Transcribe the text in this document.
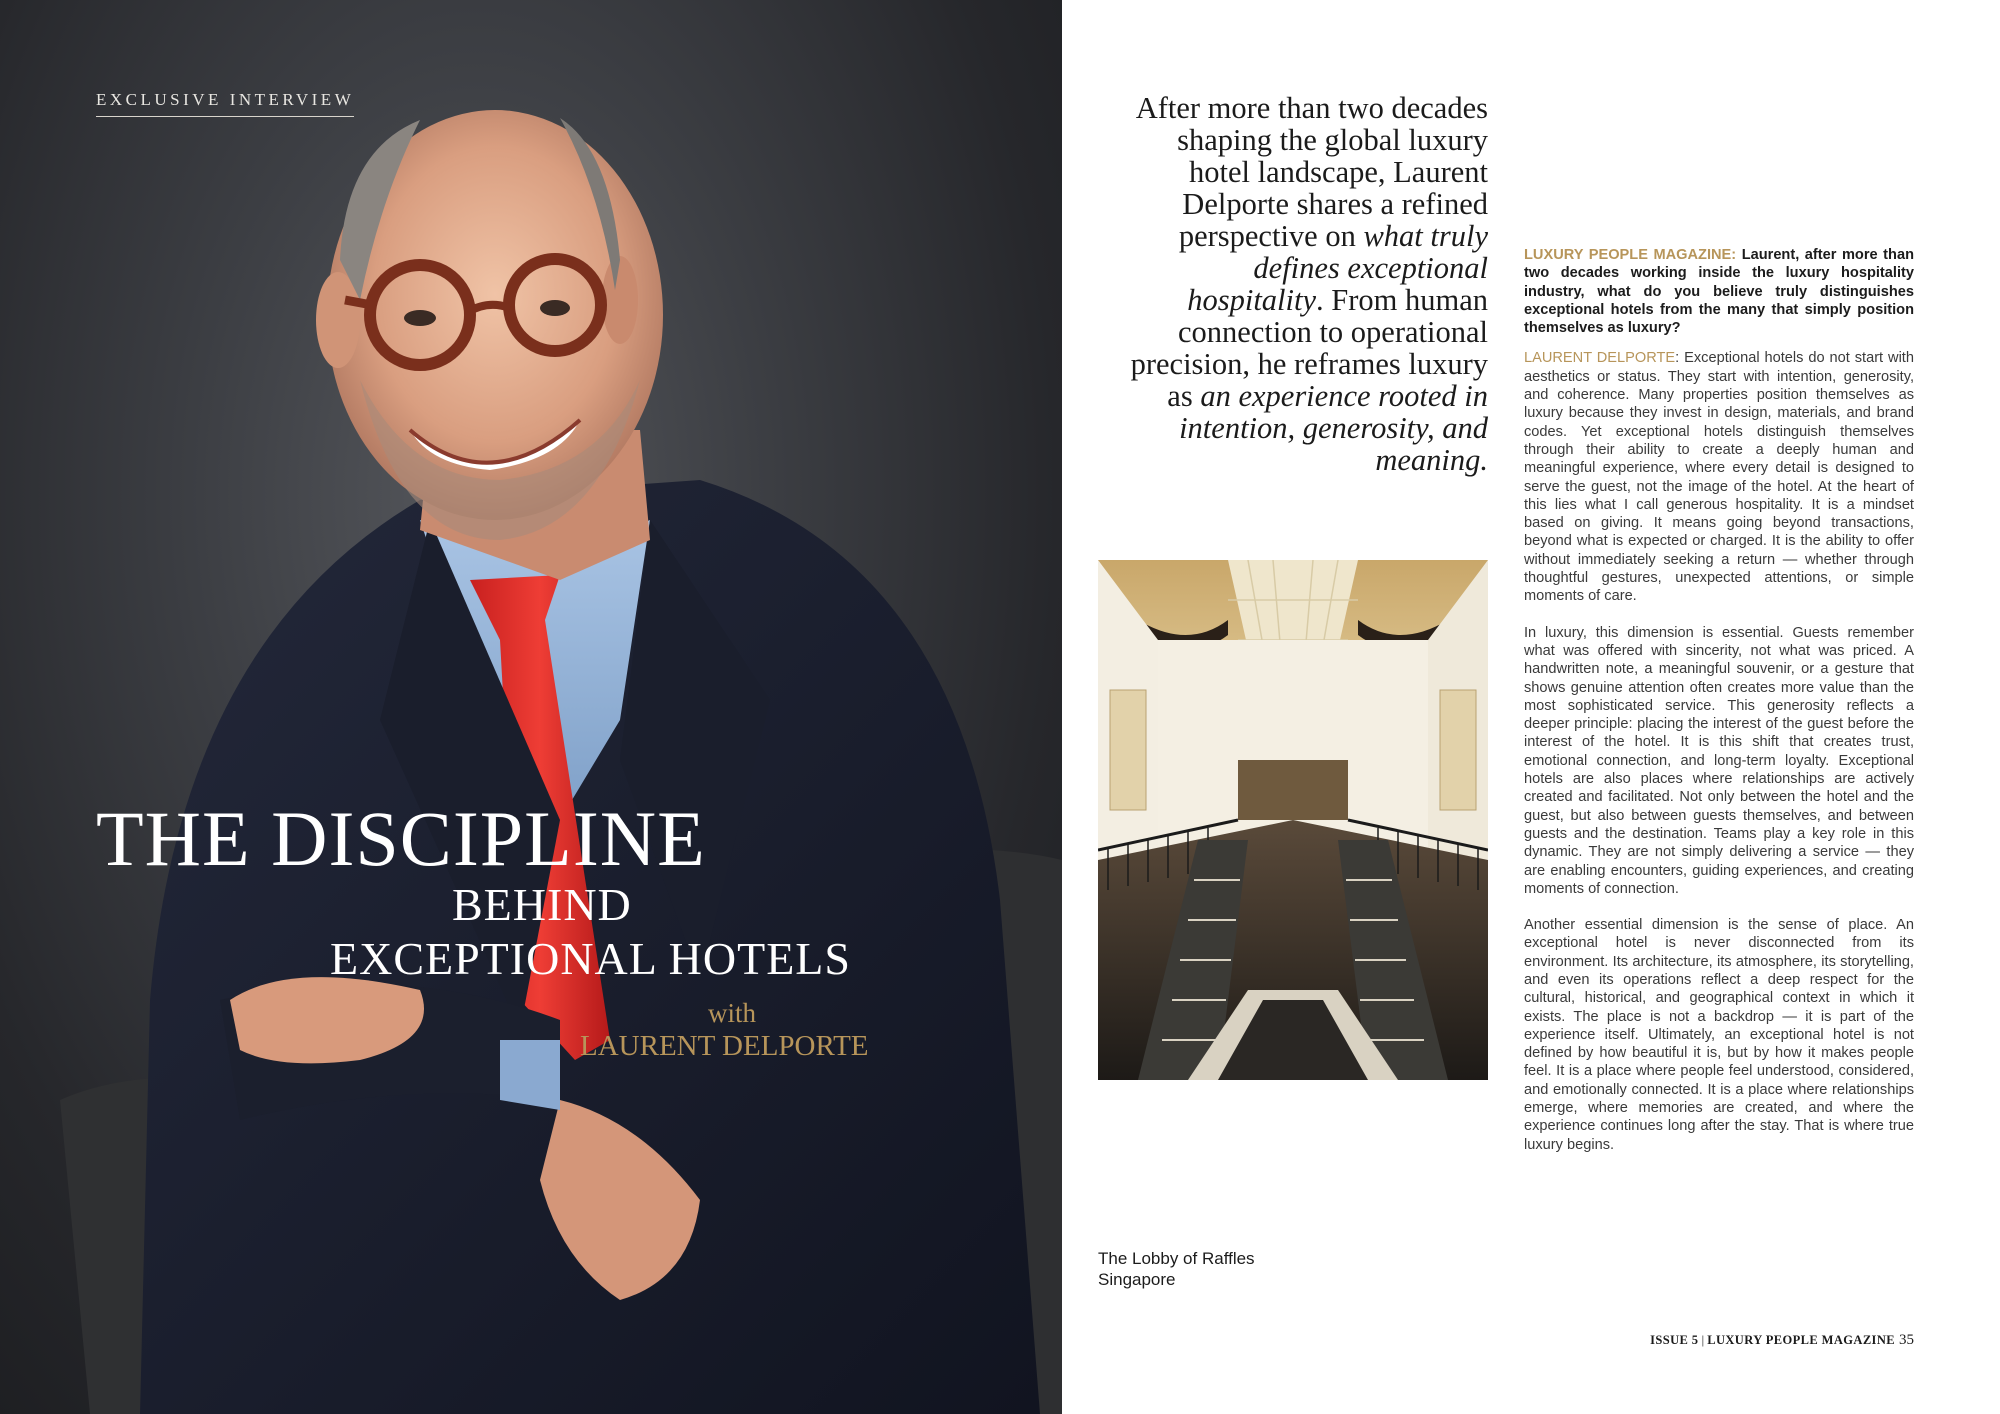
EXCLUSIVE INTERVIEW
THE DISCIPLINE
BEHIND
EXCEPTIONAL HOTELS
with
LAURENT DELPORTE
After more than two decades shaping the global luxury hotel landscape, Laurent Delporte shares a refined perspective on what truly defines exceptional hospitality. From human connection to operational precision, he reframes luxury as an experience rooted in intention, generosity, and meaning.
The Lobby of Raffles Singapore

LUXURY PEOPLE MAGAZINE: Laurent, after more than two decades working inside the luxury hospitality industry, what do you believe truly distinguishes exceptional hotels from the many that simply position themselves as luxury?

LAURENT DELPORTE: Exceptional hotels do not start with aesthetics or status. They start with intention, generosity, and coherence. Many properties position themselves as luxury because they invest in design, materials, and brand codes. Yet exceptional hotels distinguish themselves through their ability to create a deeply human and meaningful experience, where every detail is designed to serve the guest, not the image of the hotel. At the heart of this lies what I call generous hospitality. It is a mindset based on giving. It means going beyond transactions, beyond what is expected or charged. It is the ability to offer without immediately seeking a return — whether through thoughtful gestures, unexpected attentions, or simple moments of care.

In luxury, this dimension is essential. Guests remember what was offered with sincerity, not what was priced. A handwritten note, a meaningful souvenir, or a gesture that shows genuine attention often creates more value than the most sophisticated service. This generosity reflects a deeper principle: placing the interest of the guest before the interest of the hotel. It is this shift that creates trust, emotional connection, and long-term loyalty. Exceptional hotels are also places where relationships are actively created and facilitated. Not only between the hotel and the guest, but also between guests themselves, and between guests and the destination. Teams play a key role in this dynamic. They are not simply delivering a service — they are enabling encounters, guiding experiences, and creating moments of connection.

Another essential dimension is the sense of place. An exceptional hotel is never disconnected from its environment. Its architecture, its atmosphere, its storytelling, and even its operations reflect a deep respect for the cultural, historical, and geographical context in which it exists. The place is not a backdrop — it is part of the experience itself. Ultimately, an exceptional hotel is not defined by how beautiful it is, but by how it makes people feel. It is a place where people feel understood, considered, and emotionally connected. It is a place where relationships emerge, where memories are created, and where the experience continues long after the stay. That is where true luxury begins.

ISSUE 5 | LUXURY PEOPLE MAGAZINE 35
